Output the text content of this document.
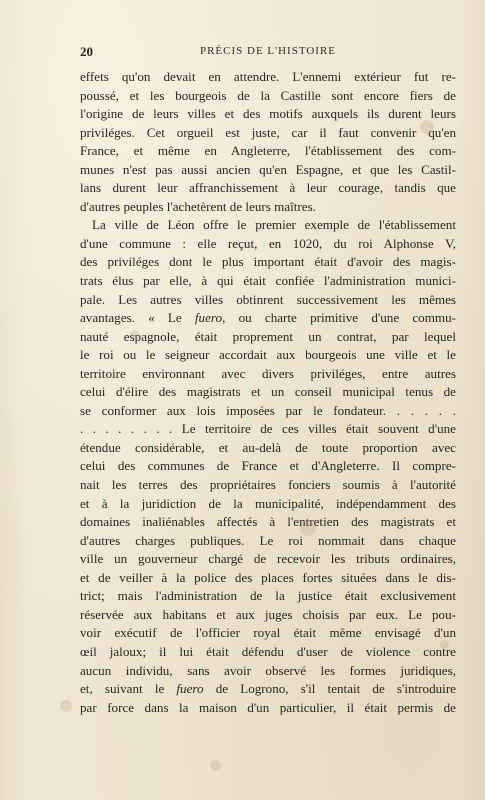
20	PRÉCIS DE L'HISTOIRE
effets qu'on devait en attendre. L'ennemi extérieur fut re-
poussé, et les bourgeois de la Castille sont encore fiers de
l'origine de leurs villes et des motifs auxquels ils durent leurs
priviléges. Cet orgueil est juste, car il faut convenir qu'en
France, et même en Angleterre, l'établissement des com-
munes n'est pas aussi ancien qu'en Espagne, et que les Castil-
lans durent leur affranchissement à leur courage, tandis que
d'autres peuples l'achetèrent de leurs maîtres.
La ville de Léon offre le premier exemple de l'établissement
d'une commune : elle reçut, en 1020, du roi Alphonse V,
des priviléges dont le plus important était d'avoir des magis-
trats élus par elle, à qui était confiée l'administration munici-
pale. Les autres villes obtinrent successivement les mêmes
avantages. « Le fuero, ou charte primitive d'une commu-
nauté espagnole, était proprement un contrat, par lequel
le roi ou le seigneur accordait aux bourgeois une ville et le
territoire environnant avec divers priviléges, entre autres
celui d'élire des magistrats et un conseil municipal tenus de
se conformer aux lois imposées par le fondateur. . . . . .
. . . . . . . . Le territoire de ces villes était souvent d'une
étendue considérable, et au-delà de toute proportion avec
celui des communes de France et d'Angleterre. Il compre-
nait les terres des propriétaires fonciers soumis à l'autorité
et à la juridiction de la municipalité, indépendamment des
domaines inaliénables affectés à l'entretien des magistrats et
d'autres charges publiques. Le roi nommait dans chaque
ville un gouverneur chargé de recevoir les tributs ordinaires,
et de veiller à la police des places fortes situées dans le dis-
trict; mais l'administration de la justice était exclusivement
réservée aux habitans et aux juges choisis par eux. Le pou-
voir exécutif de l'officier royal était même envisagé d'un
œil jaloux; il lui était défendu d'user de violence contre
aucun individu, sans avoir observé les formes juridiques,
et, suivant le fuero de Logrono, s'il tentait de s'introduire
par force dans la maison d'un particulier, il était permis de
